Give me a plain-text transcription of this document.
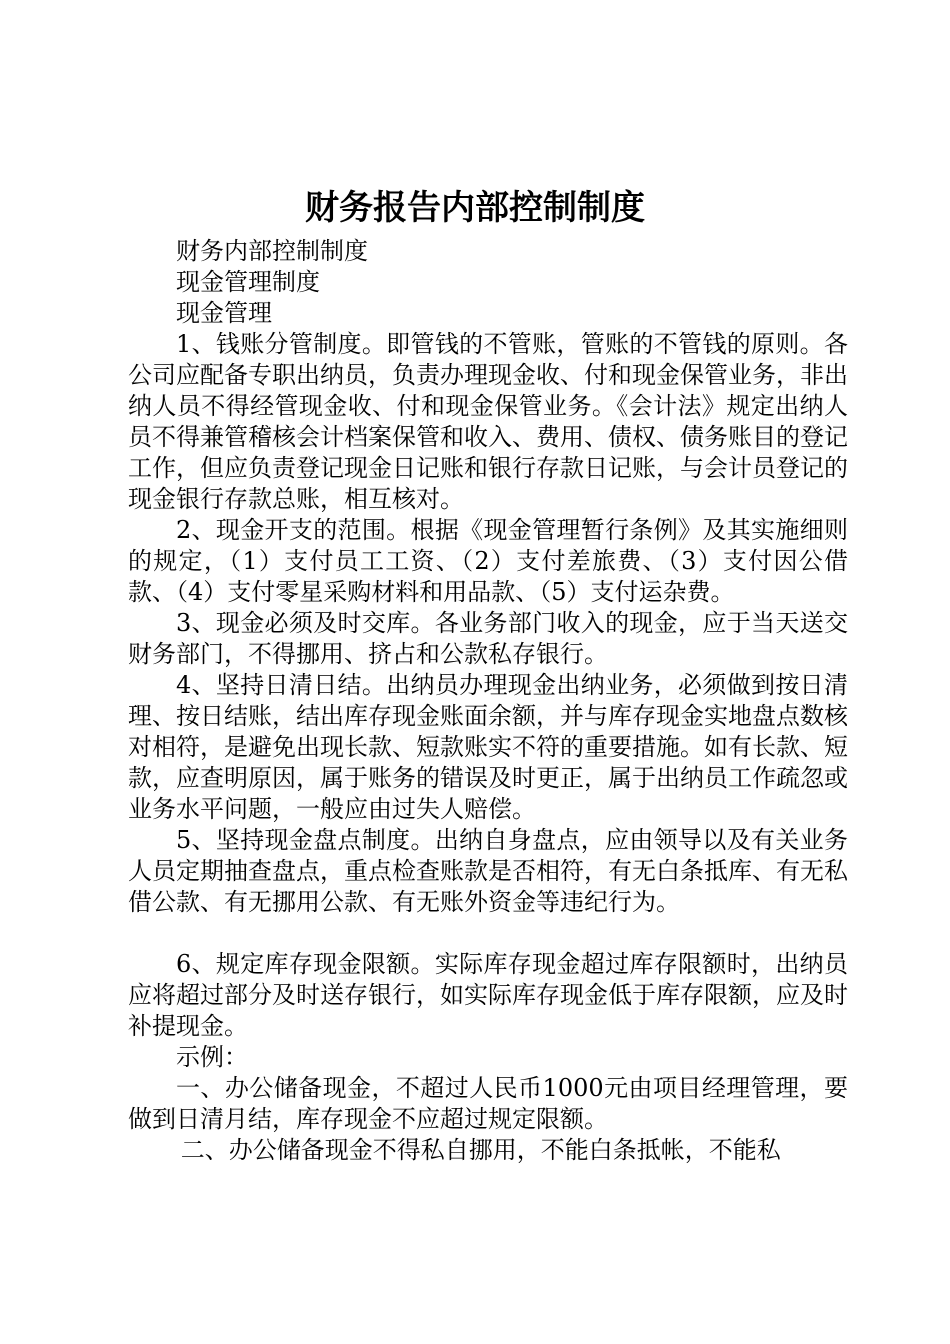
财务报告内部控制制度

财务内部控制制度

现金管理制度

现金管理

1、钱账分管制度。即管钱的不管账，管账的不管钱的原则。各公司应配备专职出纳员，负责办理现金收、付和现金保管业务，非出纳人员不得经管现金收、付和现金保管业务。《会计法》规定出纳人员不得兼管稽核会计档案保管和收入、费用、债权、债务账目的登记工作，但应负责登记现金日记账和银行存款日记账，与会计员登记的现金银行存款总账，相互核对。

2、现金开支的范围。根据《现金管理暂行条例》及其实施细则的规定，（1）支付员工工资、（2）支付差旅费、（3）支付因公借款、（4）支付零星采购材料和用品款、（5）支付运杂费。

3、现金必须及时交库。各业务部门收入的现金，应于当天送交财务部门，不得挪用、挤占和公款私存银行。

4、坚持日清日结。出纳员办理现金出纳业务，必须做到按日清理、按日结账，结出库存现金账面余额，并与库存现金实地盘点数核对相符，是避免出现长款、短款账实不符的重要措施。如有长款、短款，应查明原因，属于账务的错误及时更正，属于出纳员工作疏忽或业务水平问题，一般应由过失人赔偿。

5、坚持现金盘点制度。出纳自身盘点，应由领导以及有关业务人员定期抽查盘点，重点检查账款是否相符，有无白条抵库、有无私借公款、有无挪用公款、有无账外资金等违纪行为。

6、规定库存现金限额。实际库存现金超过库存限额时，出纳员应将超过部分及时送存银行，如实际库存现金低于库存限额，应及时补提现金。

示例：

一、办公储备现金，不超过人民币1000元由项目经理管理，要做到日清月结，库存现金不应超过规定限额。

二、办公储备现金不得私自挪用，不能白条抵帐，不能私
